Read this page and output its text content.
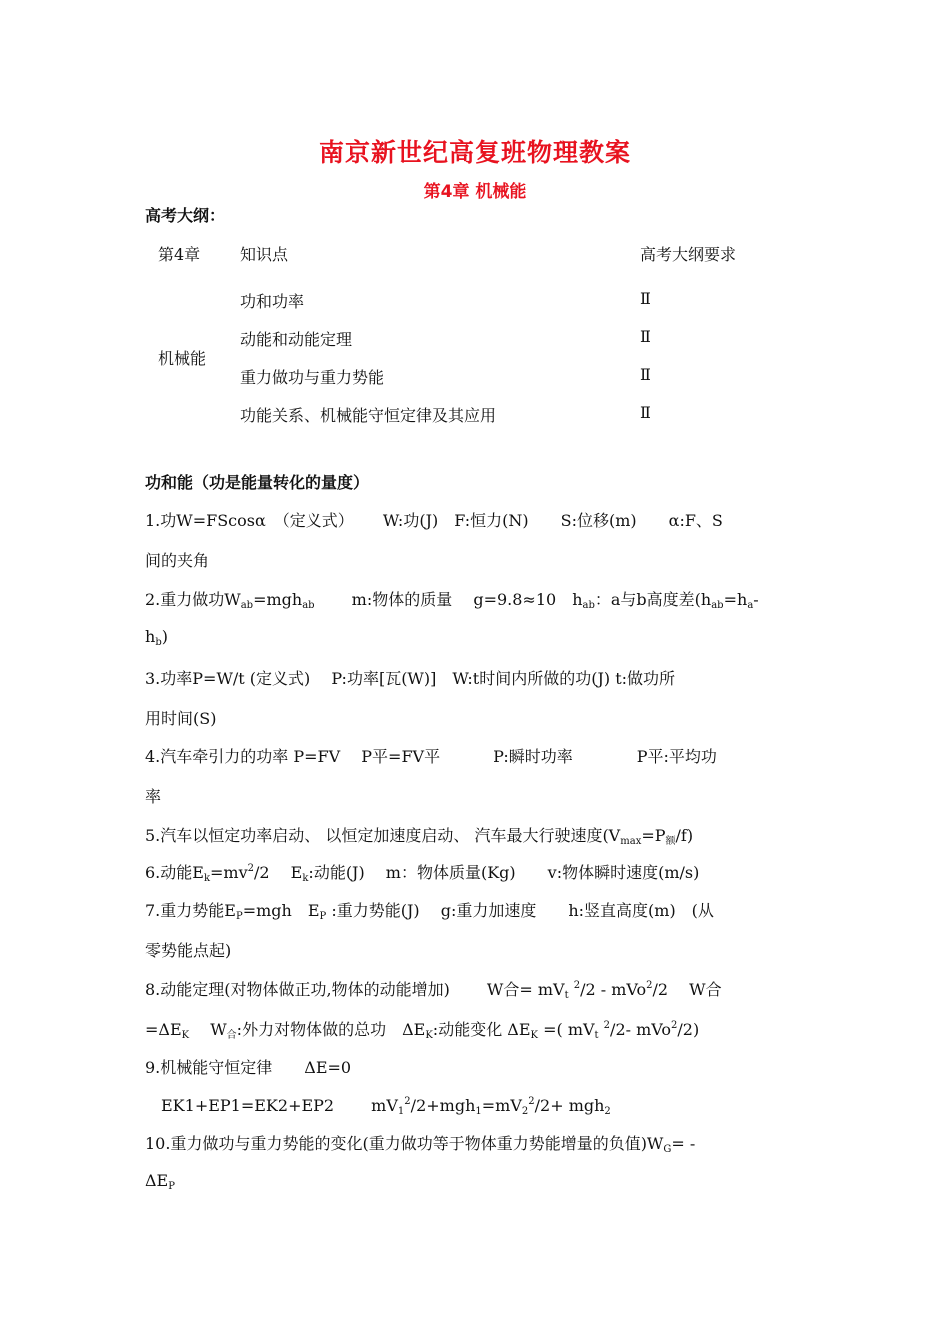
南京新世纪高复班物理教案
第4章 机械能
高考大纲：
第4章 知识点	高考大纲要求
机械能
功和功率	Ⅱ
动能和动能定理	Ⅱ
重力做功与重力势能	Ⅱ
功能关系、机械能守恒定律及其应用	Ⅱ
功和能（功是能量转化的量度）
1.功W=FScosα　（定义式）　　 W:功(J)　F:恒力(N)　　S:位移(m)　　α:F、S
间的夹角
2.重力做功$W_{ab}=mgh_{ab}$　　 m:物体的质量　 g=9.8≈10　$h_{ab}$：a与b高度差($h_{ab}=h_a-$
$h_b$)
3.功率P=W/t (定义式)　 P:功率[瓦(W)]　W:t时间内所做的功(J) t:做功所
用时间(S)
4.汽车牵引力的功率 P=FV　 P平=FV平　　　 P:瞬时功率　　　　P平:平均功
率
5.汽车以恒定功率启动、 以恒定加速度启动、 汽车最大行驶速度$(V_{max}=P_额/f)$
6.动能$E_k=mv^2/2$　 $E_k$:动能(J)　 m：物体质量(Kg)　　v:物体瞬时速度(m/s)
7.重力势能$E_P=mgh$　$E_P$ :重力势能(J)　 g:重力加速度　　h:竖直高度(m)　(从
零势能点起)
8.动能定理(对物体做正功,物体的动能增加)　　 W合= $mV_t$ $^2$/2 - mVo$^2$/2　 W合
$=\Delta E_K$　 $W_合$:外力对物体做的总功　$\Delta E_K$:动能变化 $\Delta E_K$ =( $mV_t$ $^2$/2- mVo$^2$/2)
9.机械能守恒定律　　ΔE=0
　EK1+EP1=EK2+EP2　　 $mV_1^2/2+mgh_1=mV_2^2/2+ mgh_2$
10.重力做功与重力势能的变化(重力做功等于物体重力势能增量的负值)$W_G=$ -
$\Delta E_P$
